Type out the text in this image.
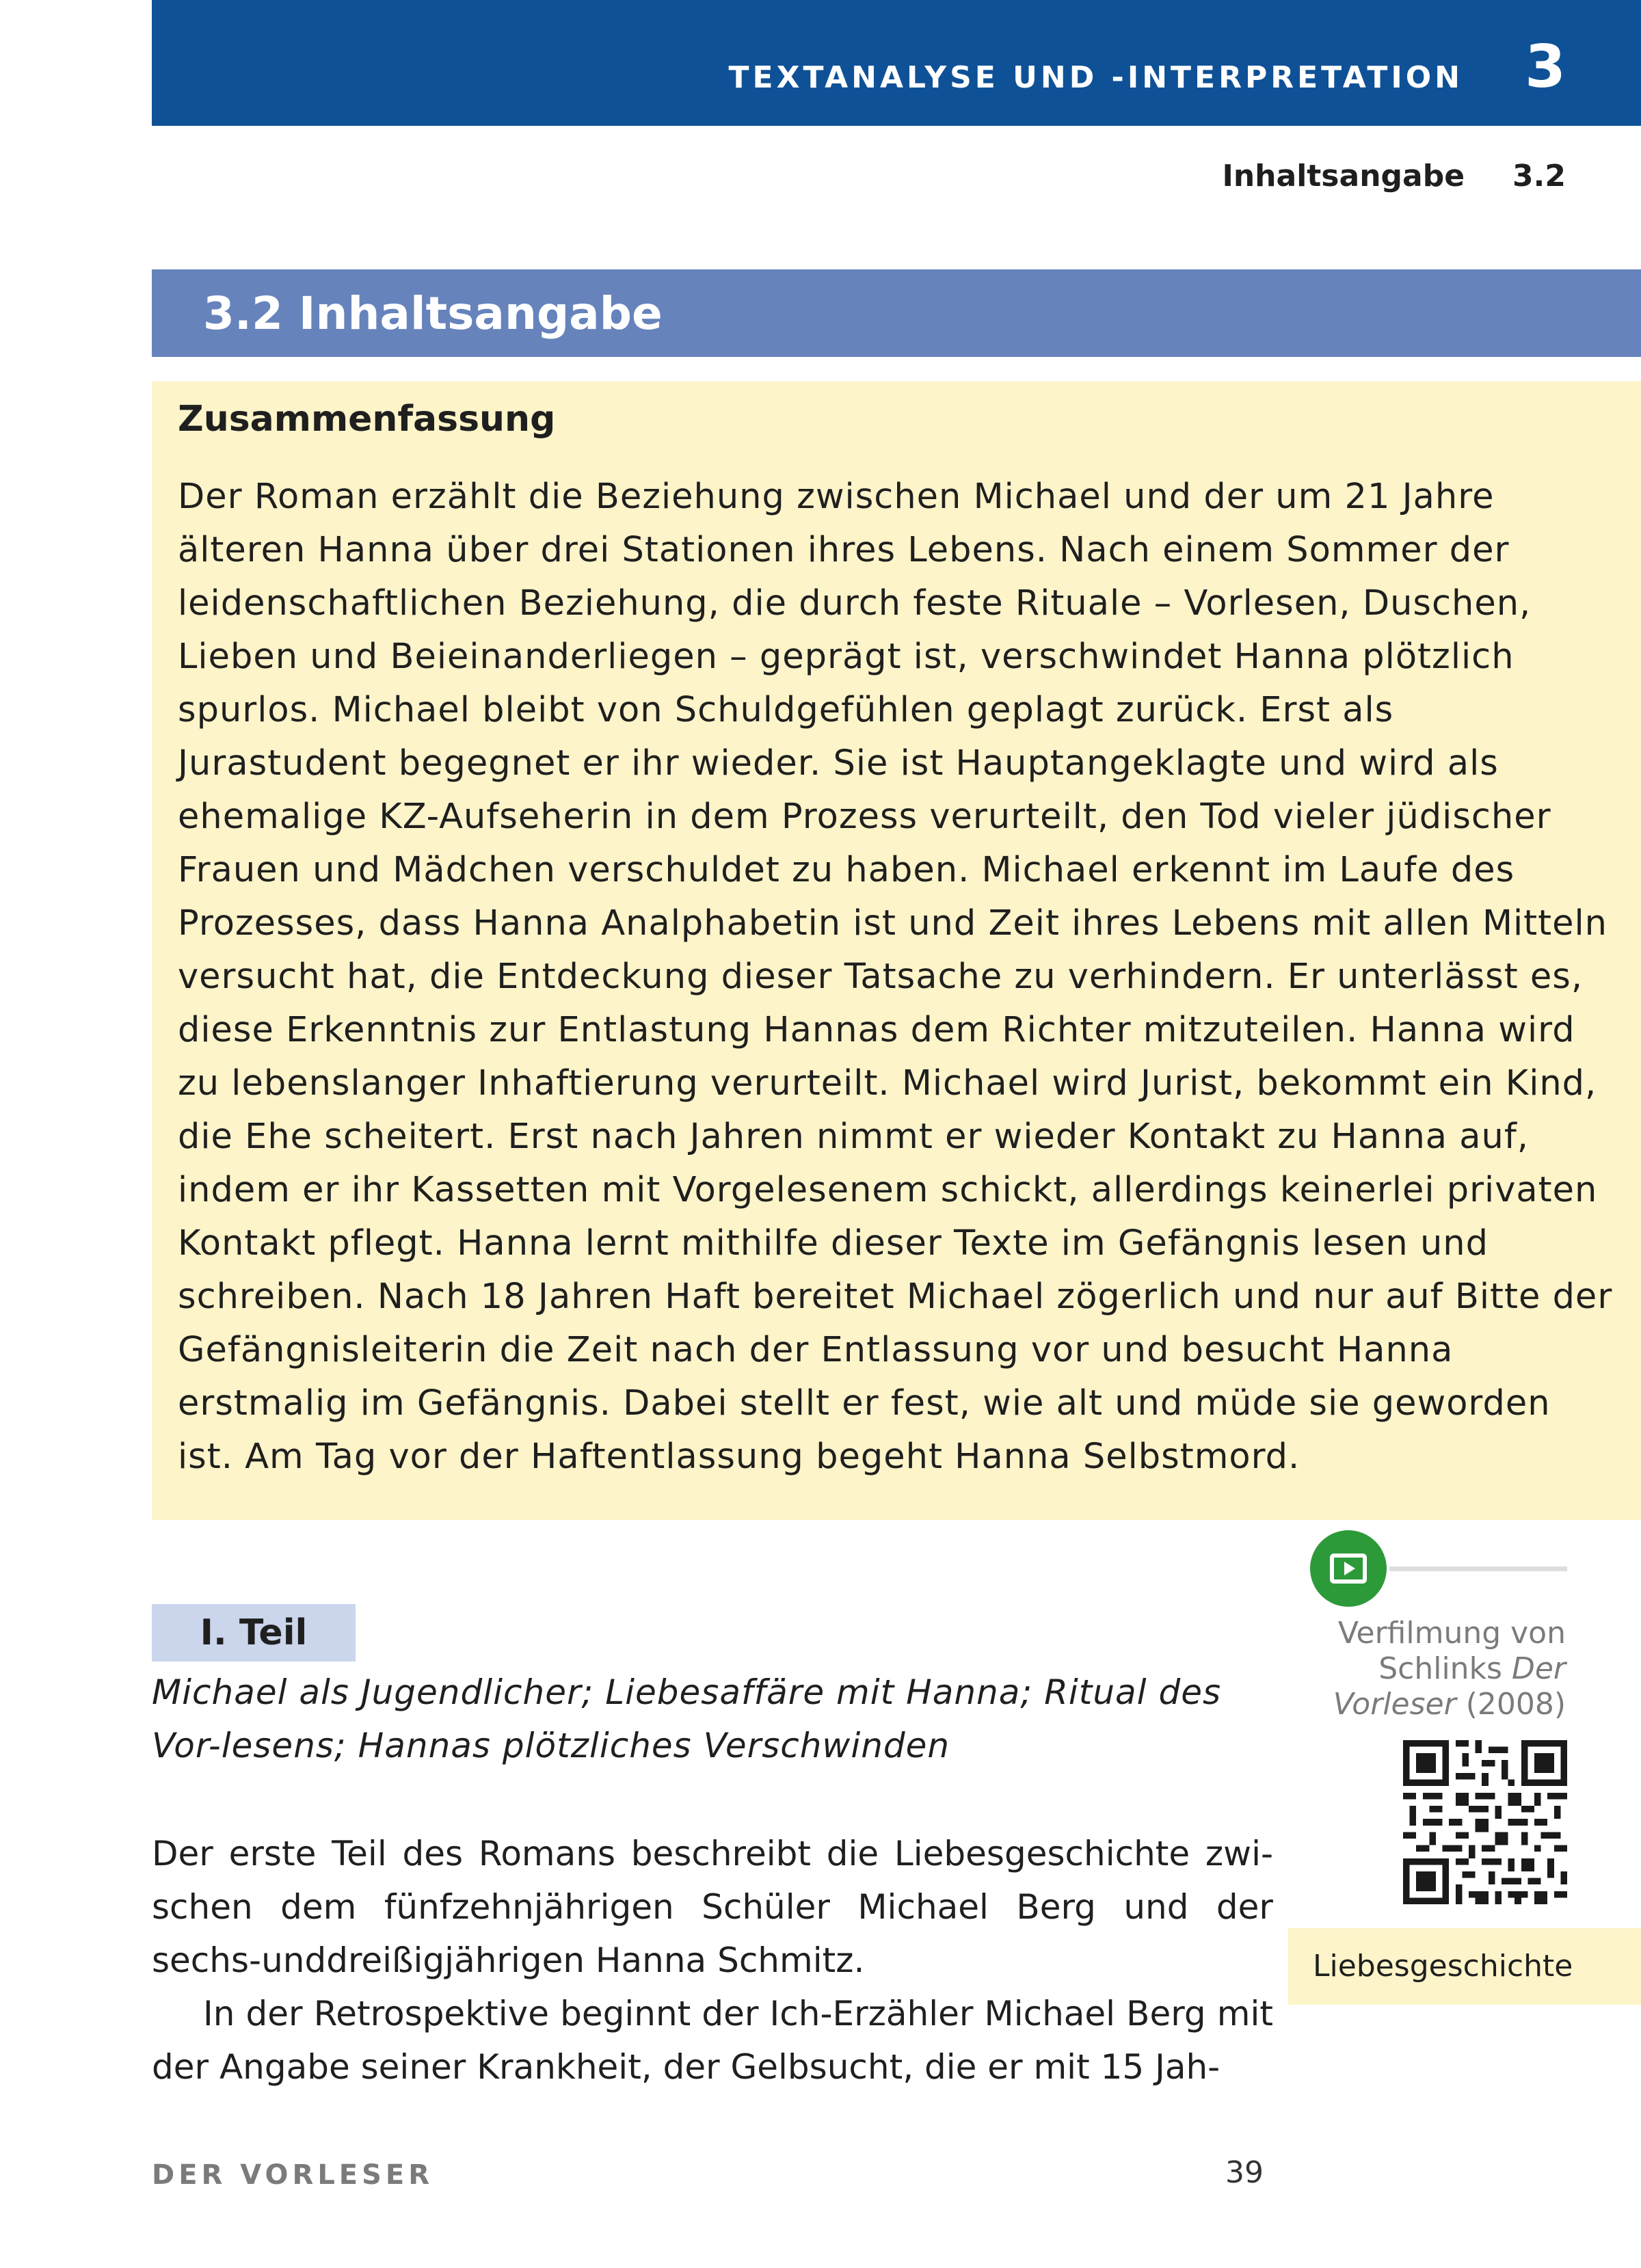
TEXTANALYSE UND -INTERPRETATION 3
Inhaltsangabe 3.2
3.2 Inhaltsangabe
Zusammenfassung
Der Roman erzählt die Beziehung zwischen Michael und der um 21 Jahre älteren Hanna über drei Stationen ihres Lebens. Nach einem Sommer der leidenschaftlichen Beziehung, die durch feste Rituale – Vorlesen, Duschen, Lieben und Beieinanderliegen – geprägt ist, verschwindet Hanna plötzlich spurlos. Michael bleibt von Schuldgefühlen geplagt zurück. Erst als Jurastudent begegnet er ihr wieder. Sie ist Hauptangeklagte und wird als ehemalige KZ-Aufseherin in dem Prozess verurteilt, den Tod vieler jüdischer Frauen und Mädchen verschuldet zu haben. Michael erkennt im Laufe des Prozesses, dass Hanna Analphabetin ist und Zeit ihres Lebens mit allen Mitteln versucht hat, die Entdeckung dieser Tatsache zu verhindern. Er unterlässt es, diese Erkenntnis zur Entlastung Hannas dem Richter mitzuteilen. Hanna wird zu lebenslanger Inhaftierung verurteilt. Michael wird Jurist, bekommt ein Kind, die Ehe scheitert. Erst nach Jahren nimmt er wieder Kontakt zu Hanna auf, indem er ihr Kassetten mit Vorgelesenem schickt, allerdings keinerlei privaten Kontakt pflegt. Hanna lernt mithilfe dieser Texte im Gefängnis lesen und schreiben. Nach 18 Jahren Haft bereitet Michael zögerlich und nur auf Bitte der Gefängnisleiterin die Zeit nach der Entlassung vor und besucht Hanna erstmalig im Gefängnis. Dabei stellt er fest, wie alt und müde sie geworden ist. Am Tag vor der Haftentlassung begeht Hanna Selbstmord.
I. Teil
Michael als Jugendlicher; Liebesaffäre mit Hanna; Ritual des Vor-lesens; Hannas plötzliches Verschwinden
Der erste Teil des Romans beschreibt die Liebesgeschichte zwi-schen dem fünfzehnjährigen Schüler Michael Berg und der sechs-unddreißigjährigen Hanna Schmitz.
In der Retrospektive beginnt der Ich-Erzähler Michael Berg mit der Angabe seiner Krankheit, der Gelbsucht, die er mit 15 Jah-
Verfilmung von
Schlinks Der
Vorleser (2008)
Liebesgeschichte
DER VORLESER	39
